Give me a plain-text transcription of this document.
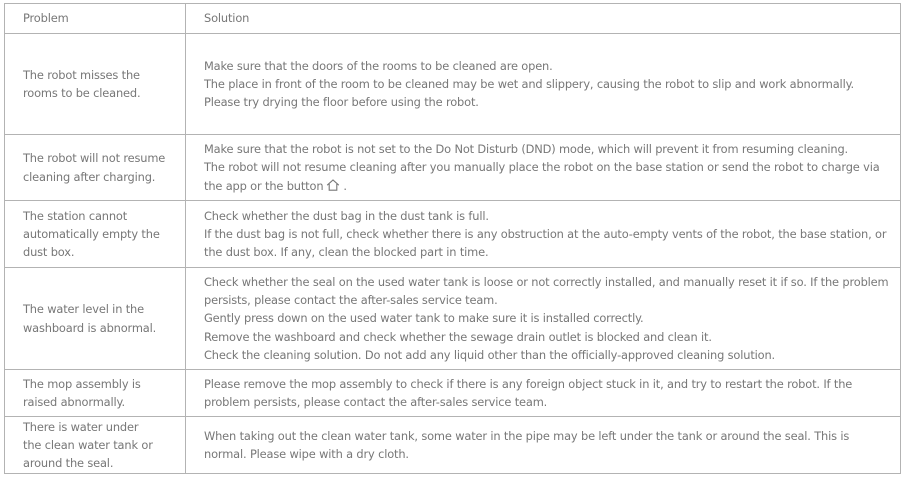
Problem	Solution
The robot misses the
rooms to be cleaned.
Make sure that the doors of the rooms to be cleaned are open.
The place in front of the room to be cleaned may be wet and slippery, causing the robot to slip and work abnormally.
Please try drying the floor before using the robot.
The robot will not resume
cleaning after charging.
Make sure that the robot is not set to the Do Not Disturb (DND) mode, which will prevent it from resuming cleaning.
The robot will not resume cleaning after you manually place the robot on the base station or send the robot to charge via
the app or the button .
The station cannot
automatically empty the
dust box.
Check whether the dust bag in the dust tank is full.
If the dust bag is not full, check whether there is any obstruction at the auto-empty vents of the robot, the base station, or
the dust box. If any, clean the blocked part in time.
The water level in the
washboard is abnormal.
Check whether the seal on the used water tank is loose or not correctly installed, and manually reset it if so. If the problem
persists, please contact the after-sales service team.
Gently press down on the used water tank to make sure it is installed correctly.
Remove the washboard and check whether the sewage drain outlet is blocked and clean it.
Check the cleaning solution. Do not add any liquid other than the officially-approved cleaning solution.
The mop assembly is
raised abnormally.
Please remove the mop assembly to check if there is any foreign object stuck in it, and try to restart the robot. If the
problem persists, please contact the after-sales service team.
There is water under
the clean water tank or
around the seal.
When taking out the clean water tank, some water in the pipe may be left under the tank or around the seal. This is
normal. Please wipe with a dry cloth.
